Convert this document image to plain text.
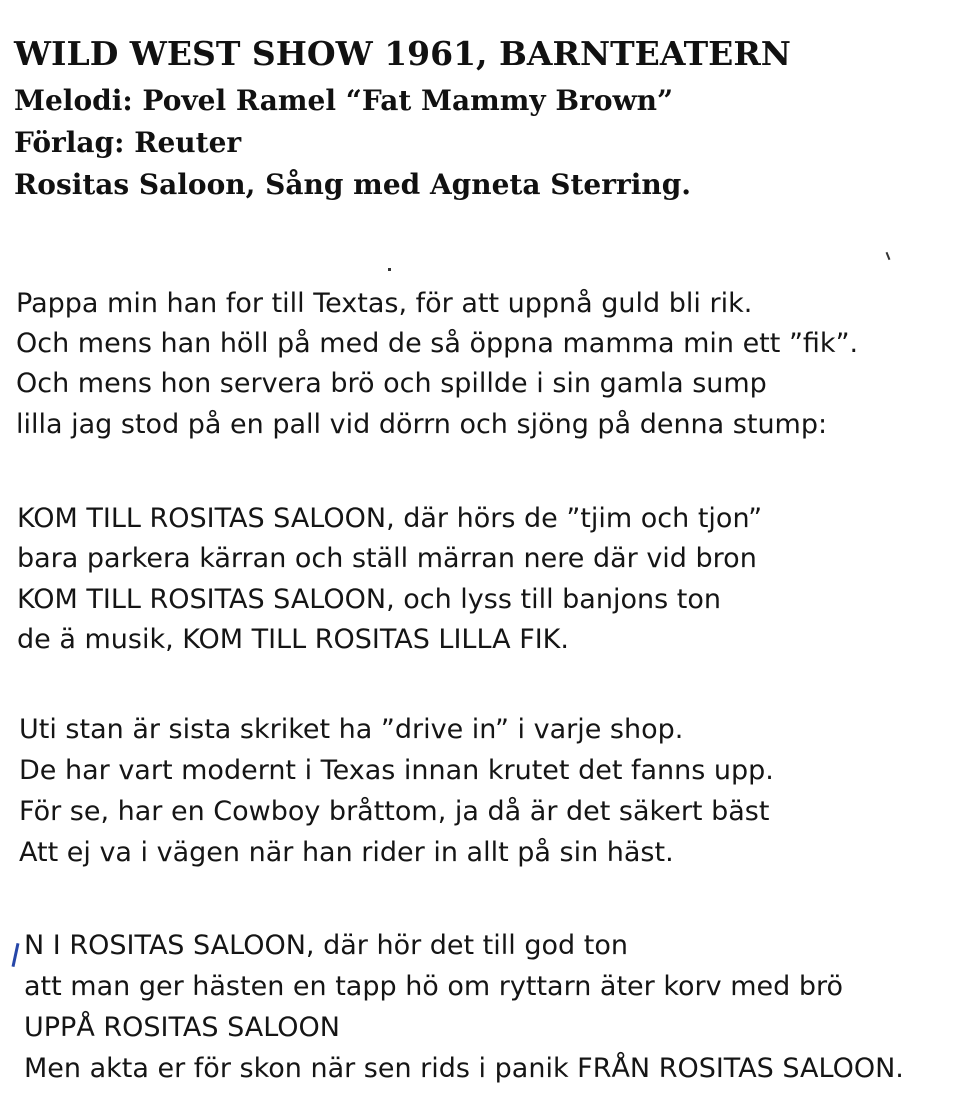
WILD WEST SHOW 1961, BARNTEATERN
Melodi: Povel Ramel “Fat Mammy Brown”
Förlag: Reuter
Rositas Saloon, Sång med Agneta Sterring.
Pappa min han for till Textas, för att uppnå guld bli rik.
Och mens han höll på med de så öppna mamma min ett ”fik”.
Och mens hon servera brö och spillde i sin gamla sump
lilla jag stod på en pall vid dörrn och sjöng på denna stump:
KOM TILL ROSITAS SALOON, där hörs de ”tjim och tjon”
bara parkera kärran och ställ märran nere där vid bron
KOM TILL ROSITAS SALOON, och lyss till banjons ton
de ä musik, KOM TILL ROSITAS LILLA FIK.
Uti stan är sista skriket ha ”drive in” i varje shop.
De har vart modernt i Texas innan krutet det fanns upp.
För se, har en Cowboy bråttom, ja då är det säkert bäst
Att ej va i vägen när han rider in allt på sin häst.
N I ROSITAS SALOON, där hör det till god ton
att man ger hästen en tapp hö om ryttarn äter korv med brö
UPPÅ ROSITAS SALOON
Men akta er för skon när sen rids i panik FRÅN ROSITAS SALOON.
